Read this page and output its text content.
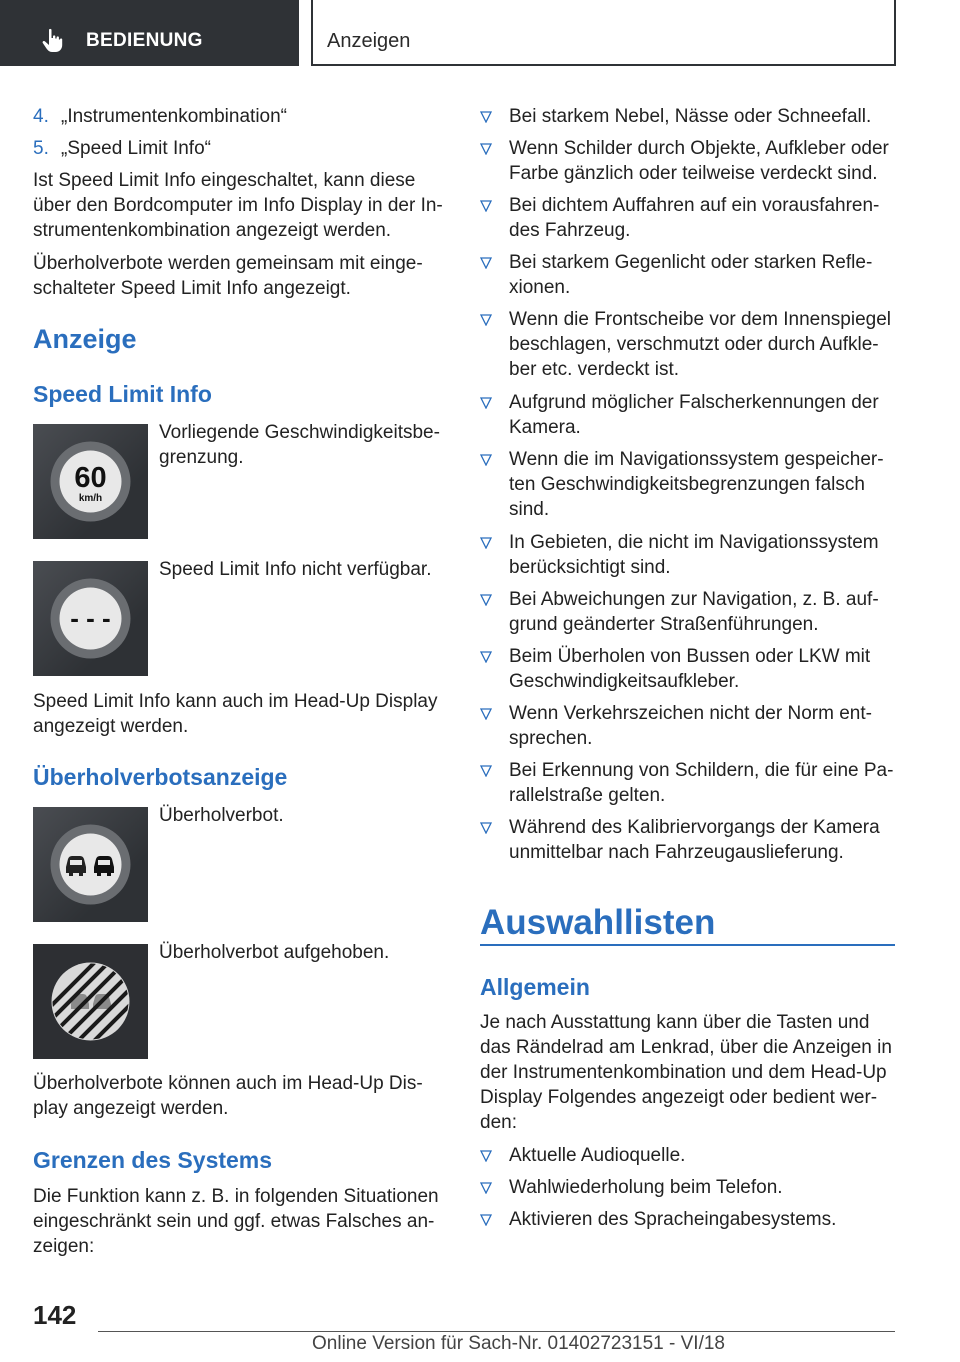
BEDIENUNG	Anzeigen
4. „Instrumentenkombination“
5. „Speed Limit Info“
Ist Speed Limit Info eingeschaltet, kann diese
über den Bordcomputer im Info Display in der In-
strumentenkombination angezeigt werden.
Überholverbote werden gemeinsam mit einge-
schalteter Speed Limit Info angezeigt.
Anzeige
Speed Limit Info
60
km/h
Vorliegende Geschwindigkeitsbe-
grenzung.
- - -
Speed Limit Info nicht verfügbar.
Speed Limit Info kann auch im Head-Up Display
angezeigt werden.
Überholverbotsanzeige
Überholverbot.
Überholverbot aufgehoben.
Überholverbote können auch im Head-Up Dis-
play angezeigt werden.
Grenzen des Systems
Die Funktion kann z. B. in folgenden Situationen
eingeschränkt sein und ggf. etwas Falsches an-
zeigen:
Bei starkem Nebel, Nässe oder Schneefall.
Wenn Schilder durch Objekte, Aufkleber oder
Farbe gänzlich oder teilweise verdeckt sind.
Bei dichtem Auffahren auf ein vorausfahren-
des Fahrzeug.
Bei starkem Gegenlicht oder starken Refle-
xionen.
Wenn die Frontscheibe vor dem Innenspiegel
beschlagen, verschmutzt oder durch Aufkle-
ber etc. verdeckt ist.
Aufgrund möglicher Falscherkennungen der
Kamera.
Wenn die im Navigationssystem gespeicher-
ten Geschwindigkeitsbegrenzungen falsch
sind.
In Gebieten, die nicht im Navigationssystem
berücksichtigt sind.
Bei Abweichungen zur Navigation, z. B. auf-
grund geänderter Straßenführungen.
Beim Überholen von Bussen oder LKW mit
Geschwindigkeitsaufkleber.
Wenn Verkehrszeichen nicht der Norm ent-
sprechen.
Bei Erkennung von Schildern, die für eine Pa-
rallelstraße gelten.
Während des Kalibriervorgangs der Kamera
unmittelbar nach Fahrzeugauslieferung.
Auswahllisten
Allgemein
Je nach Ausstattung kann über die Tasten und
das Rändelrad am Lenkrad, über die Anzeigen in
der Instrumentenkombination und dem Head-Up
Display Folgendes angezeigt oder bedient wer-
den:
Aktuelle Audioquelle.
Wahlwiederholung beim Telefon.
Aktivieren des Spracheingabesystems.
142
Online Version für Sach-Nr. 01402723151 - VI/18
